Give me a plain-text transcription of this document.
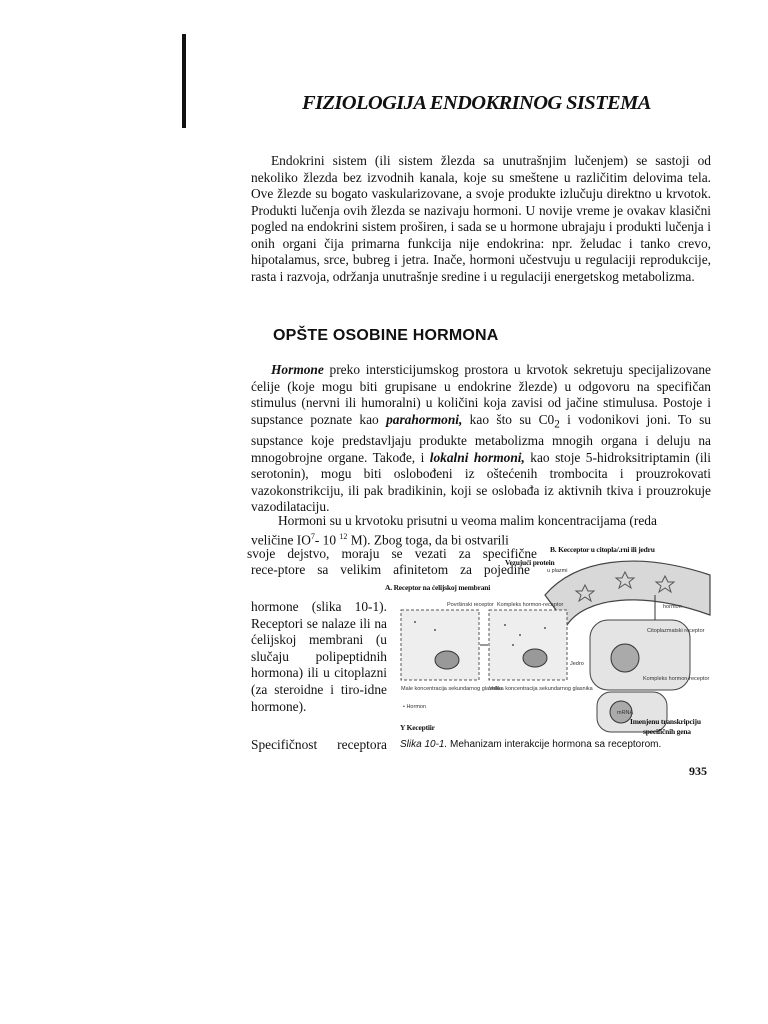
FIZIOLOGIJA ENDOKRINOG SISTEMA

Endokrini sistem (ili sistem žlezda sa unutrašnjim lučenjem) se sastoji od nekoliko žlezda bez izvodnih kanala, koje su smeštene u različitim delovima tela. Ove žlezde su bogato vaskularizovane, a svoje produkte izlučuju direktno u krvotok. Produkti lučenja ovih žlezda se nazivaju hormoni. U novije vreme je ovakav klasični pogled na endokrini sistem proširen, i sada se u hormone ubrajaju i produkti lučenja i onih organi čija primarna funkcija nije endokrina: npr. želudac i tanko crevo, hipotalamus, srce, bubreg i jetra. Inače, hormoni učestvuju u regulaciji reprodukcije, rasta i razvoja, održanja unutrašnje sredine i u regulaciji energetskog metabolizma.

OPŠTE OSOBINE HORMONA

Hormone preko intersticijumskog prostora u krvotok sekretuju specijalizovane ćelije (koje mogu biti grupisane u endokrine žlezde) u odgovoru na specifičan stimulus (nervni ili humoralni) u količini koja zavisi od jačine stimulusa. Postoje i supstance poznate kao parahormoni, kao što su $C0_2$ i vodonikovi joni. To su supstance koje predstavljaju produkte metabolizma mnogih organa i deluju na mnogobrojne organe. Takođe, i lokalni hormoni, kao stoje 5-hidroksitriptamin (ili serotonin), mogu biti oslobođeni iz oštećenih trombocita i prouzrokovati vazokonstrikciju, ili pak bradikinin, koji se oslobađa iz aktivnih tkiva i prouzrokuje vazodilataciju.

Hormoni su u krvotoku prisutni u veoma malim koncentracijama (reda

veličine $IO^7-$ 10 $^{12}$ M). Zbog toga, da bi ostvarili

svoje dejstvo, moraju se vezati za specifične

rece-ptore sa velikim afinitetom za pojedine

hormone (slika 10-1). Receptori se nalaze ili na ćelijskoj membrani (u slučaju polipeptidnih hormona) ili u citoplazni (za steroidne i tiro-idne hormone).

Specifičnost receptora

u plazmi
Površinski receptor Kompleks hormon-receptor	hormon
Citoplazmatski receptor
Jedro
Kompleks hormon-receptor
Male koncentracija sekundarnog glasnika
Velika koncentracija sekundarnog glasnika
• Hormon
mRNA
B. Kecceptor u citopla/.rni ili jedru
Vezujući protein
A. Receptor na ćelijskoj membrani
Y Keceptiir
Imenjenu transkripciju
specifičnih gena

Slika 10-1. Mehanizam interakcije hormona sa receptorom.

935
